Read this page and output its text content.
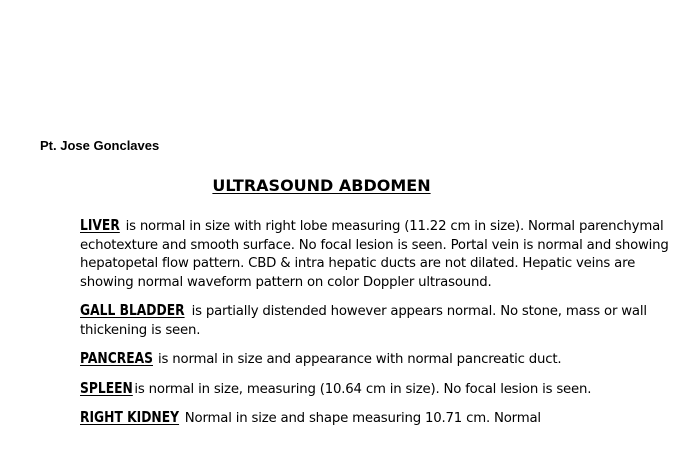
Pt. Jose Gonclaves
ULTRASOUND ABDOMEN

LIVER is normal in size with right lobe measuring (11.22 cm in size). Normal parenchymal echotexture and smooth surface. No focal lesion is seen. Portal vein is normal and showing hepatopetal flow pattern. CBD & intra hepatic ducts are not dilated. Hepatic veins are showing normal waveform pattern on color Doppler ultrasound.

GALL BLADDER is partially distended however appears normal. No stone, mass or wall thickening is seen.

PANCREAS is normal in size and appearance with normal pancreatic duct.

SPLEENis normal in size, measuring (10.64 cm in size). No focal lesion is seen.

RIGHT KIDNEY Normal in size and shape measuring 10.71 cm. Normal
